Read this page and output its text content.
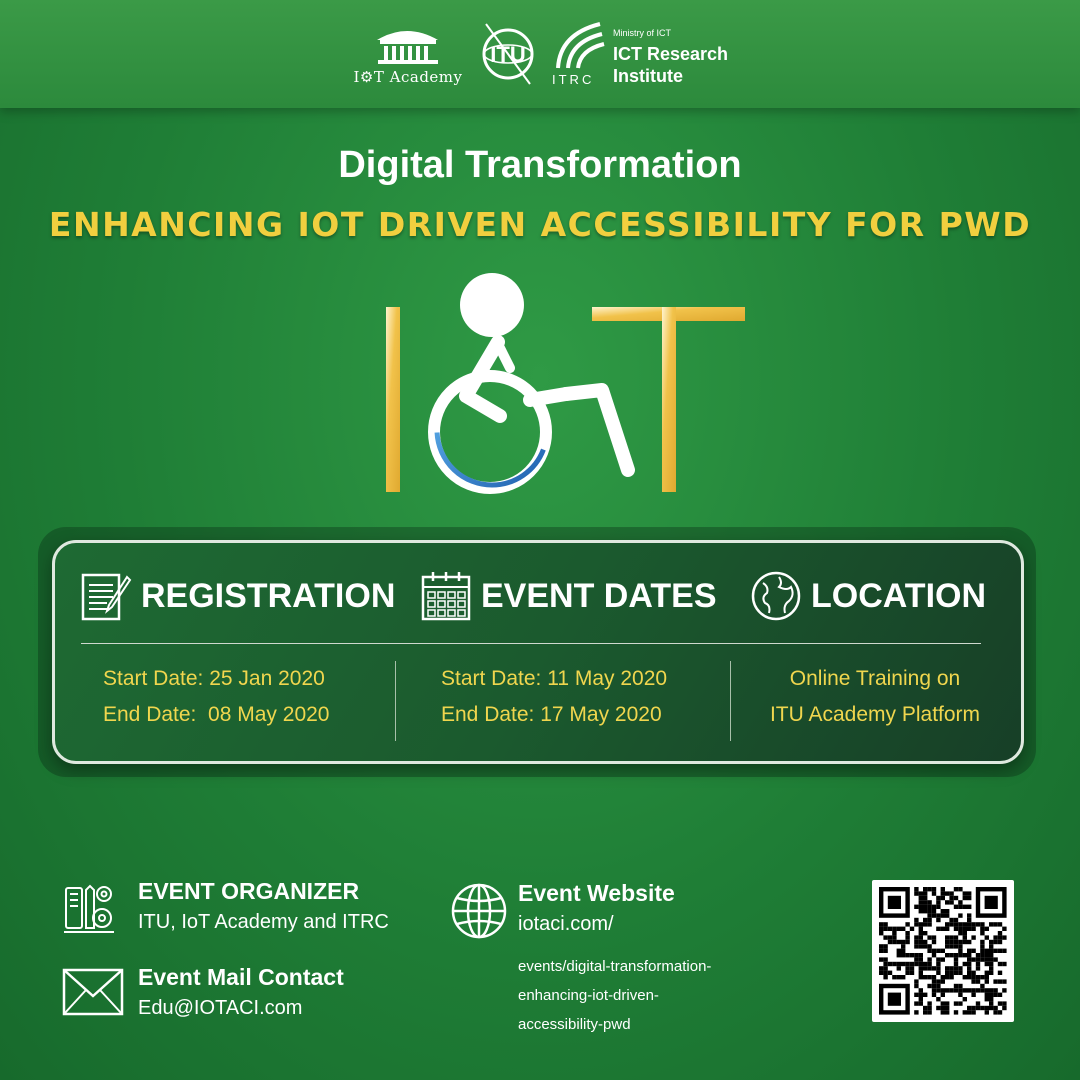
I⚙T Academy
ITU
Ministry of ICT
ICT Research
Institute
ITRC
Digital Transformation
ENHANCING IOT DRIVEN ACCESSIBILITY FOR PWD
REGISTRATION	EVENT DATES	LOCATION
Start Date: 25 Jan 2020
End Date:  08 May 2020
Start Date: 11 May 2020
End Date: 17 May 2020
Online Training on
ITU Academy Platform
EVENT ORGANIZER
ITU, IoT Academy and ITRC
Event Mail Contact
Edu@IOTACI.com
Event Website
iotaci.com/
events/digital-transformation-
enhancing-iot-driven-
accessibility-pwd
